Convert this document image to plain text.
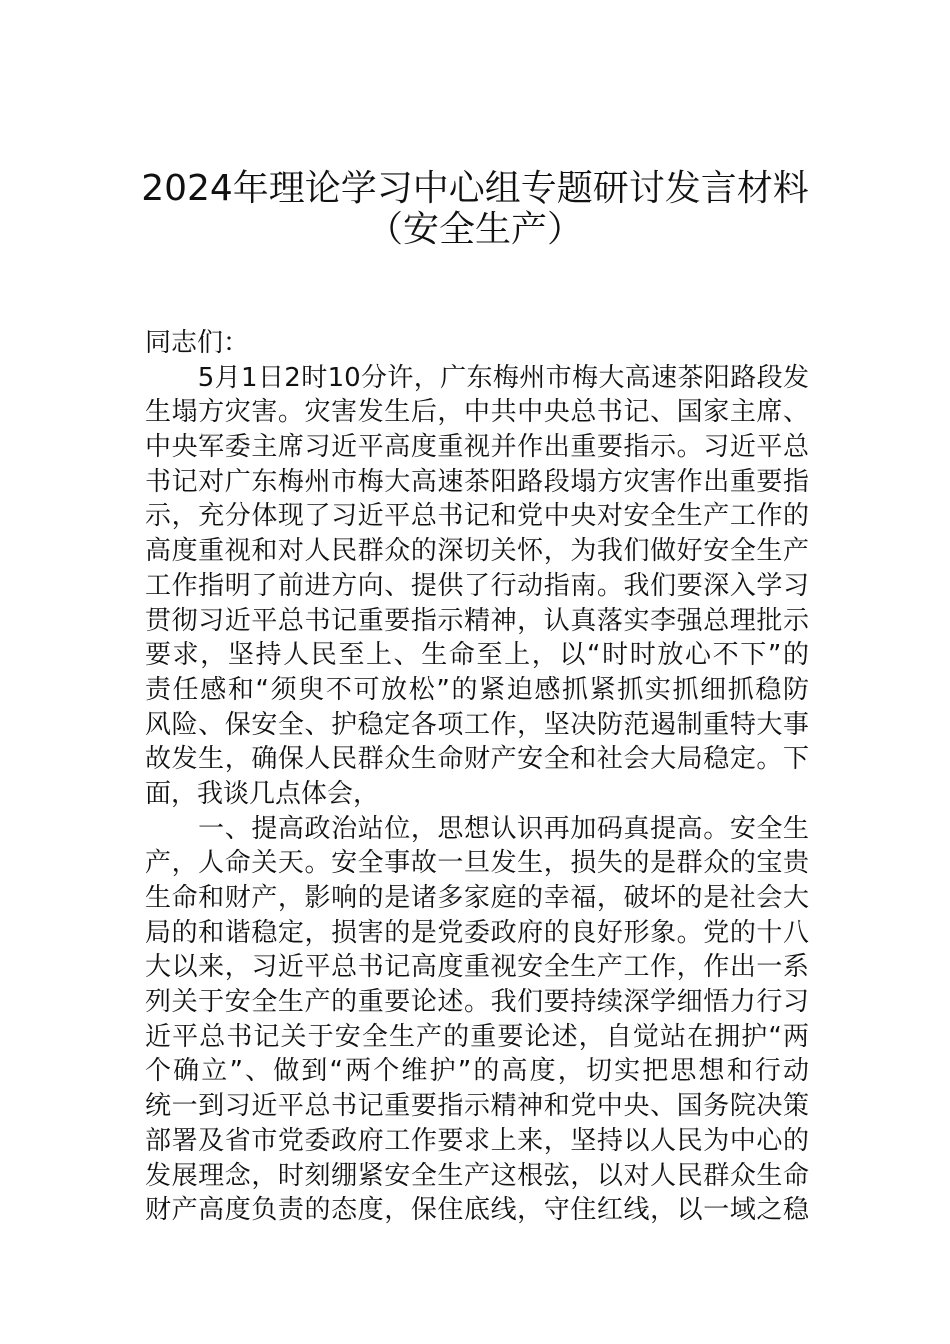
2024年理论学习中心组专题研讨发言材料
（安全生产）
同志们：
　　5月1日2时10分许，广东梅州市梅大高速茶阳路段发
生塌方灾害。灾害发生后，中共中央总书记、国家主席、
中央军委主席习近平高度重视并作出重要指示。习近平总
书记对广东梅州市梅大高速茶阳路段塌方灾害作出重要指
示，充分体现了习近平总书记和党中央对安全生产工作的
高度重视和对人民群众的深切关怀，为我们做好安全生产
工作指明了前进方向、提供了行动指南。我们要深入学习
贯彻习近平总书记重要指示精神，认真落实李强总理批示
要求，坚持人民至上、生命至上，以“时时放心不下”的
责任感和“须臾不可放松”的紧迫感抓紧抓实抓细抓稳防
风险、保安全、护稳定各项工作，坚决防范遏制重特大事
故发生，确保人民群众生命财产安全和社会大局稳定。下
面，我谈几点体会，
　　一、提高政治站位，思想认识再加码真提高。安全生
产，人命关天。安全事故一旦发生，损失的是群众的宝贵
生命和财产，影响的是诸多家庭的幸福，破坏的是社会大
局的和谐稳定，损害的是党委政府的良好形象。党的十八
大以来，习近平总书记高度重视安全生产工作，作出一系
列关于安全生产的重要论述。我们要持续深学细悟力行习
近平总书记关于安全生产的重要论述，自觉站在拥护“两
个确立”、做到“两个维护”的高度，切实把思想和行动
统一到习近平总书记重要指示精神和党中央、国务院决策
部署及省市党委政府工作要求上来，坚持以人民为中心的
发展理念，时刻绷紧安全生产这根弦，以对人民群众生命
财产高度负责的态度，保住底线，守住红线，以一域之稳
